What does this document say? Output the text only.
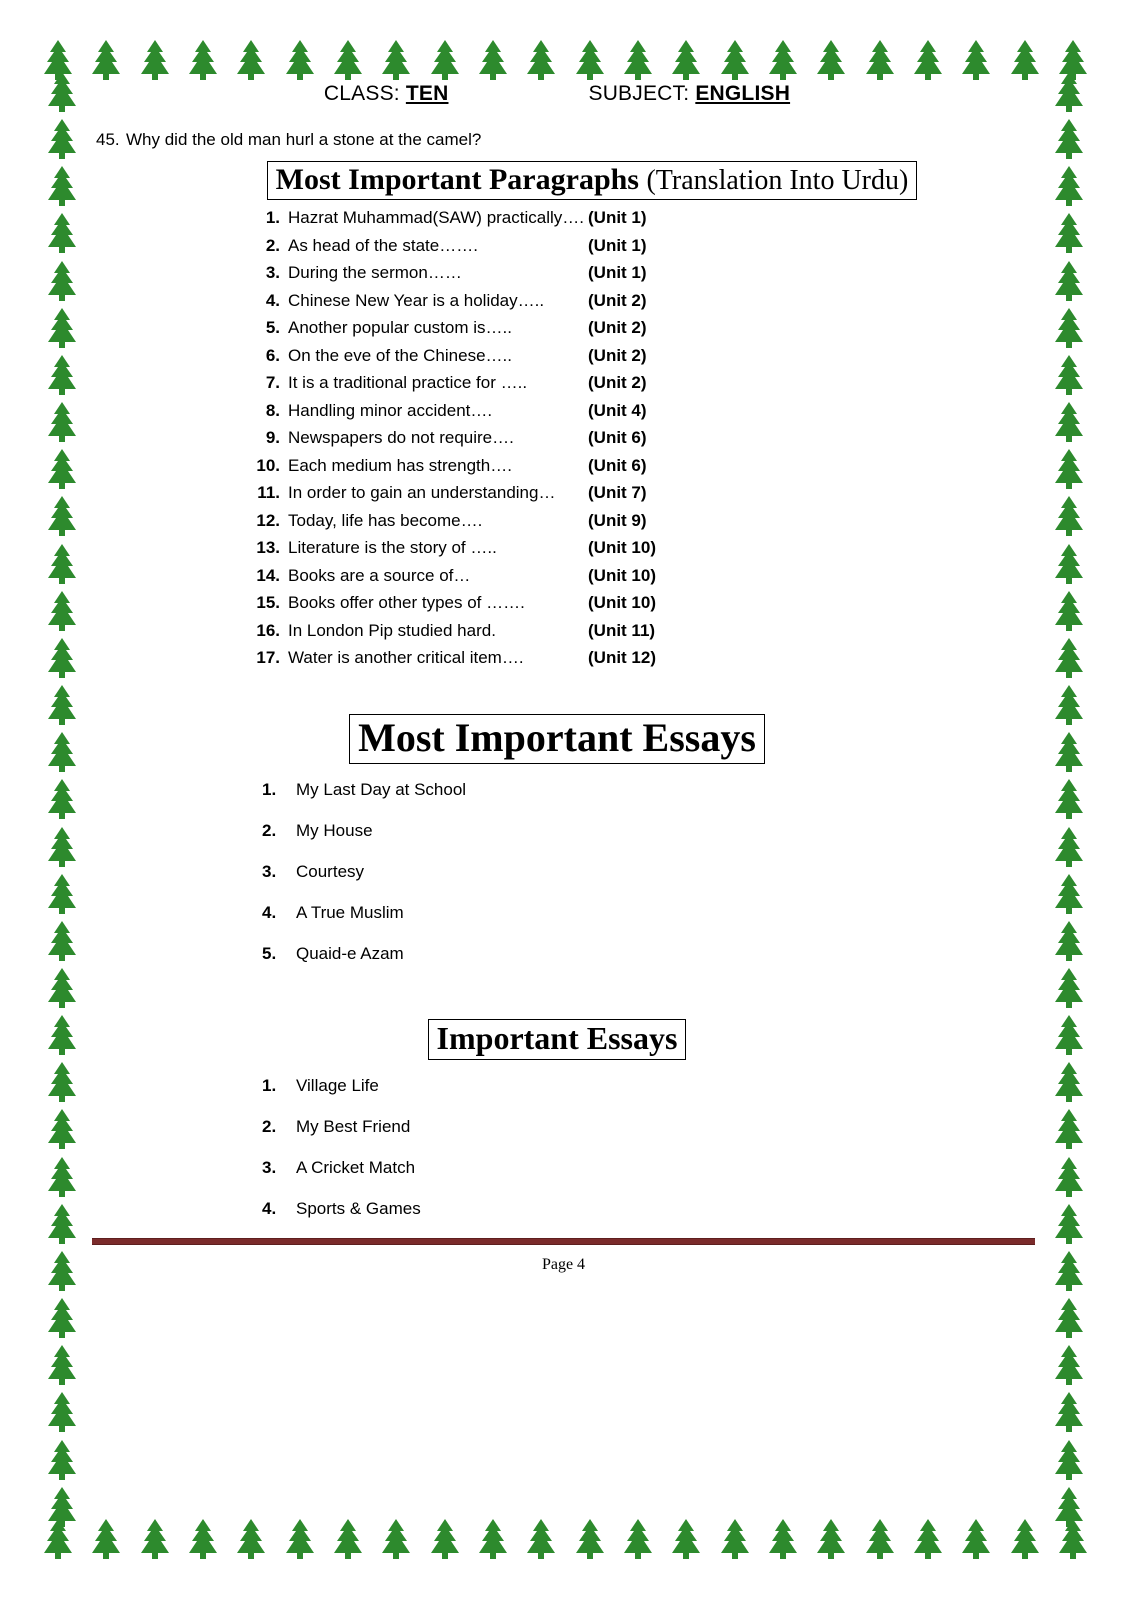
CLASS: TEN	SUBJECT: ENGLISH
45. Why did the old man hurl a stone at the camel?
Most Important Paragraphs (Translation Into Urdu)
1. Hazrat Muhammad(SAW) practically…. (Unit 1)
2. As head of the state…….	(Unit 1)
3. During the sermon……	(Unit 1)
4. Chinese New Year is a holiday…..	(Unit 2)
5. Another popular custom is…..	(Unit 2)
6. On the eve of the Chinese…..	(Unit 2)
7. It is a traditional practice for …..	(Unit 2)
8. Handling minor accident….	(Unit 4)
9. Newspapers do not require….	(Unit 6)
10. Each medium has strength….	(Unit 6)
11. In order to gain an understanding…	(Unit 7)
12. Today, life has become….	(Unit 9)
13. Literature is the story of …..	(Unit 10)
14. Books are a source of…	(Unit 10)
15. Books offer other types of …….	(Unit 10)
16. In London Pip studied hard.	(Unit 11)
17. Water is another critical item….	(Unit 12)
Most Important Essays
1.	My Last Day at School
2.	My House
3.	Courtesy
4.	A True Muslim
5.	Quaid-e Azam
Important Essays
1.	Village Life
2.	My Best Friend
3.	A Cricket Match
4.	Sports & Games
Page 4
